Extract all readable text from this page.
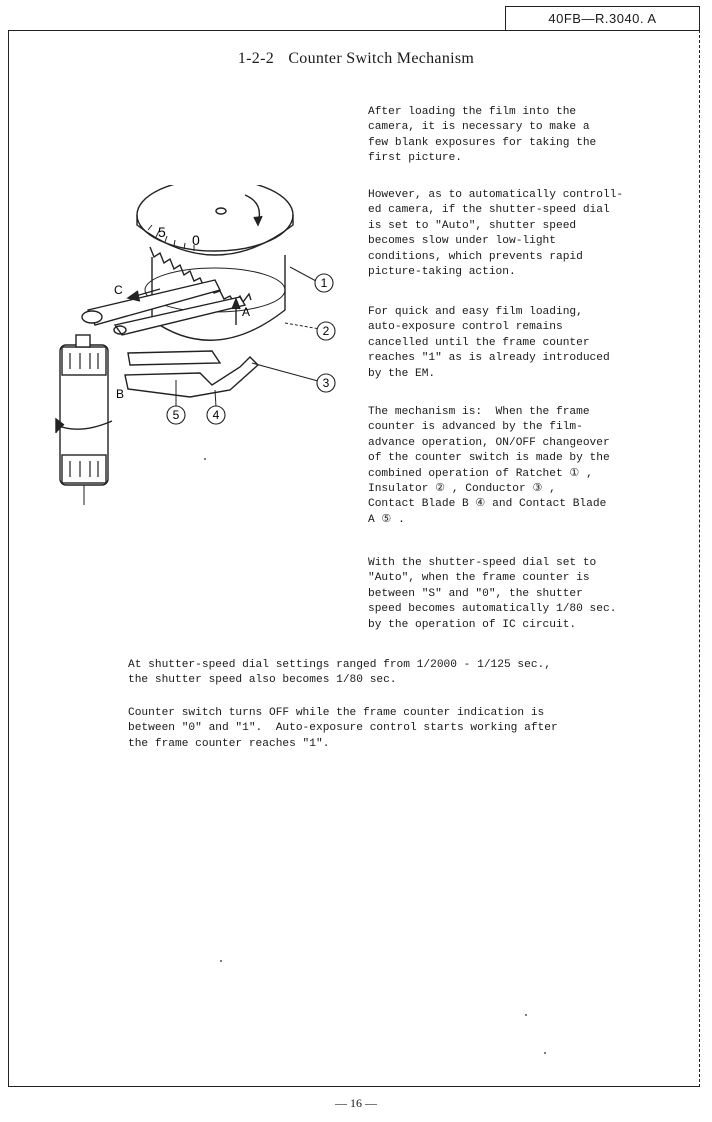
40FB—R.3040. A
1-2-2 Counter Switch Mechanism

After loading the film into the
camera, it is necessary to make a
few blank exposures for taking the
first picture.

However, as to automatically controll-
ed camera, if the shutter-speed dial
is set to "Auto", shutter speed
becomes slow under low-light
conditions, which prevents rapid
picture-taking action.

For quick and easy film loading,
auto-exposure control remains
cancelled until the frame counter
reaches "1" as is already introduced
by the EM.

The mechanism is:  When the frame
counter is advanced by the film-
advance operation, ON/OFF changeover
of the counter switch is made by the
combined operation of Ratchet ① ,
Insulator ② , Conductor ③ ,
Contact Blade B ④ and Contact Blade
A ⑤ .

With the shutter-speed dial set to
"Auto", when the frame counter is
between "S" and "0", the shutter
speed becomes automatically 1/80 sec.
by the operation of IC circuit.

At shutter-speed dial settings ranged from 1/2000 - 1/125 sec.,
the shutter speed also becomes 1/80 sec.

Counter switch turns OFF while the frame counter indication is
between "0" and "1".  Auto-exposure control starts working after
the frame counter reaches "1".

5 0
C
A
B
1
2
3
4
5
— 16 —
